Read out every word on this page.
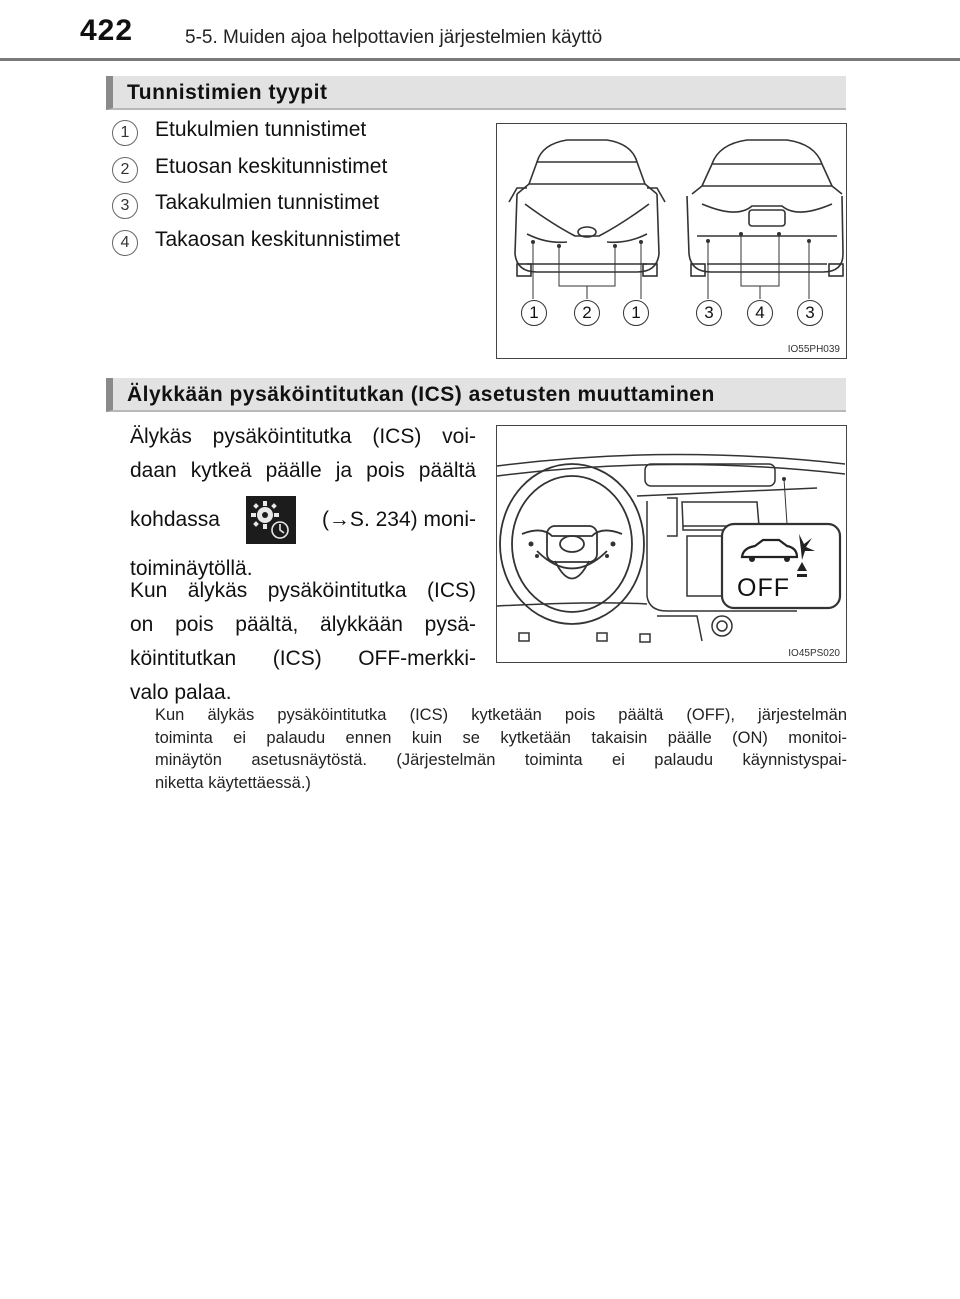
422	5-5. Muiden ajoa helpottavien järjestelmien käyttö
Tunnistimien tyypit
1	Etukulmien tunnistimet
2	Etuosan keskitunnistimet
3	Takakulmien tunnistimet
4	Takaosan keskitunnistimet
1	2	1	3	4	3
IO55PH039
Älykkään pysäköintitutkan (ICS) asetusten muuttaminen
Älykäs pysäköintitutka (ICS) voi-
daan kytkeä päälle ja pois päältä
kohdassa	(→S. 234) moni-
toiminäytöllä.
Kun älykäs pysäköintitutka (ICS)
on pois päältä, älykkään pysä-
köintitutkan (ICS) OFF-merkki-
valo palaa.
OFF
IO45PS020
Kun älykäs pysäköintitutka (ICS) kytketään pois päältä (OFF), järjestelmän
toiminta ei palaudu ennen kuin se kytketään takaisin päälle (ON) monitoi-
minäytön asetusnäytöstä. (Järjestelmän toiminta ei palaudu käynnistyspai-
niketta käytettäessä.)
